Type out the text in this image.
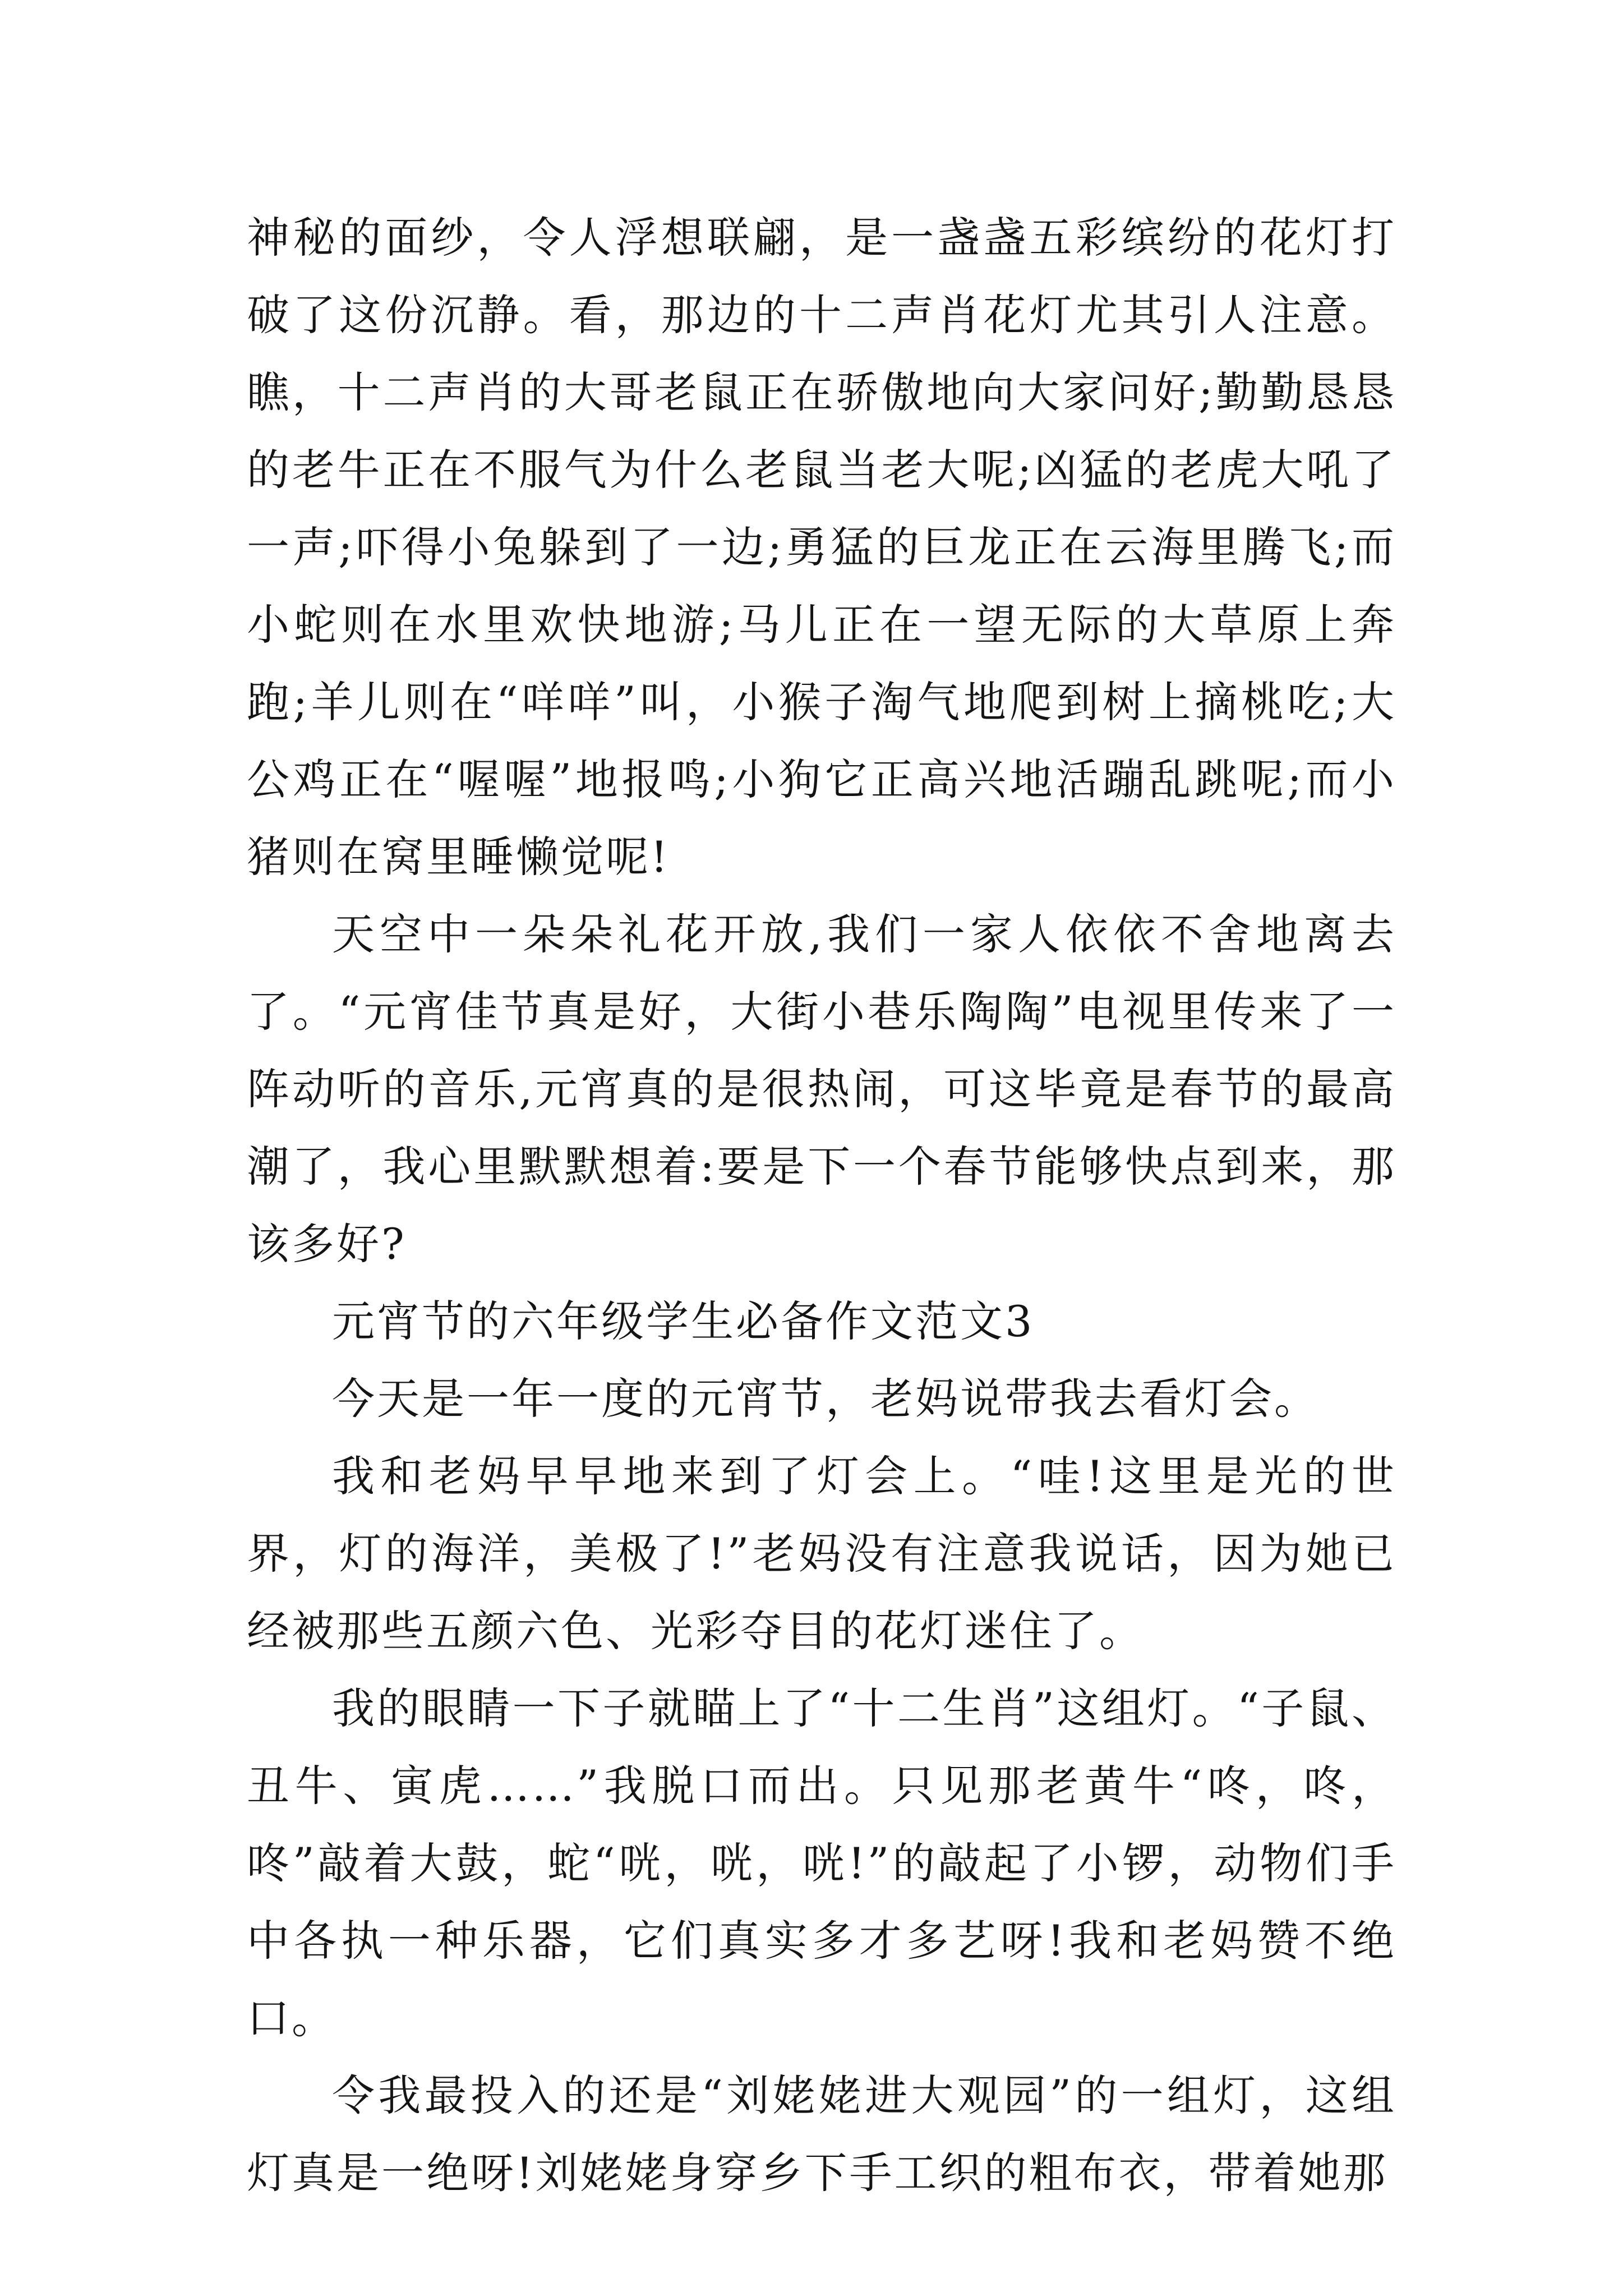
神秘的面纱，令人浮想联翩，是一盏盏五彩缤纷的花灯打破了这份沉静。看，那边的十二声肖花灯尤其引人注意。瞧，十二声肖的大哥老鼠正在骄傲地向大家问好;勤勤恳恳的老牛正在不服气为什么老鼠当老大呢;凶猛的老虎大吼了一声;吓得小兔躲到了一边;勇猛的巨龙正在云海里腾飞;而小蛇则在水里欢快地游;马儿正在一望无际的大草原上奔跑;羊儿则在“咩咩”叫，小猴子淘气地爬到树上摘桃吃;大公鸡正在“喔喔”地报鸣;小狗它正高兴地活蹦乱跳呢;而小猪则在窝里睡懒觉呢!

天空中一朵朵礼花开放,我们一家人依依不舍地离去了。“元宵佳节真是好，大街小巷乐陶陶”电视里传来了一阵动听的音乐,元宵真的是很热闹，可这毕竟是春节的最高潮了，我心里默默想着:要是下一个春节能够快点到来，那该多好?

元宵节的六年级学生必备作文范文3

今天是一年一度的元宵节，老妈说带我去看灯会。

我和老妈早早地来到了灯会上。“哇!这里是光的世界，灯的海洋，美极了!”老妈没有注意我说话，因为她已经被那些五颜六色、光彩夺目的花灯迷住了。

我的眼睛一下子就瞄上了“十二生肖”这组灯。“子鼠、丑牛、寅虎……”我脱口而出。只见那老黄牛“咚，咚，咚”敲着大鼓，蛇“咣，咣，咣!”的敲起了小锣，动物们手中各执一种乐器，它们真实多才多艺呀!我和老妈赞不绝口。

令我最投入的还是“刘姥姥进大观园”的一组灯，这组灯真是一绝呀!刘姥姥身穿乡下手工织的粗布衣，带着她那
